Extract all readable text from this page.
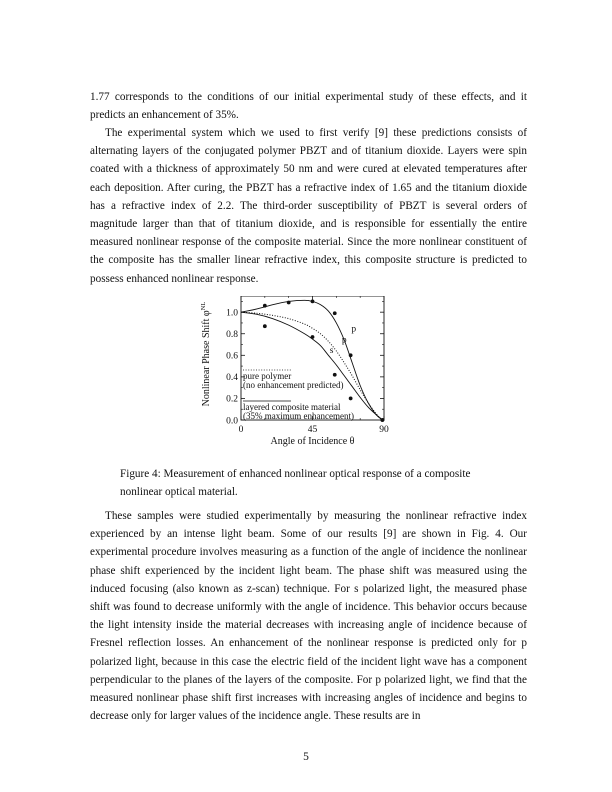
1.77 corresponds to the conditions of our initial experimental study of these effects, and it predicts an enhancement of 35%.

The experimental system which we used to first verify [9] these predictions consists of alternating layers of the conjugated polymer PBZT and of titanium dioxide. Layers were spin coated with a thickness of approximately 50 nm and were cured at elevated temperatures after each deposition. After curing, the PBZT has a refractive index of 1.65 and the titanium dioxide has a refractive index of 2.2. The third-order susceptibility of PBZT is several orders of magnitude larger than that of titanium dioxide, and is responsible for essentially the entire measured nonlinear response of the composite material. Since the more nonlinear constituent of the composite has the smaller linear refractive index, this composite structure is predicted to possess enhanced nonlinear response.

0.0
0.2
0.4
0.6
0.8
1.0
0	45	90
Angle of Incidence θ
Nonlinear Phase Shift $\varphi^{NL}$
p
p
s
pure polymer
(no enhancement predicted)
layered composite material
(35% maximum enhancement)

Figure 4: Measurement of enhanced nonlinear optical response of a composite nonlinear optical material.

These samples were studied experimentally by measuring the nonlinear refractive index experienced by an intense light beam. Some of our results [9] are shown in Fig. 4. Our experimental procedure involves measuring as a function of the angle of incidence the nonlinear phase shift experienced by the incident light beam. The phase shift was measured using the induced focusing (also known as z-scan) technique. For s polarized light, the measured phase shift was found to decrease uniformly with the angle of incidence. This behavior occurs because the light intensity inside the material decreases with increasing angle of incidence because of Fresnel reflection losses. An enhancement of the nonlinear response is predicted only for p polarized light, because in this case the electric field of the incident light wave has a component perpendicular to the planes of the layers of the composite. For p polarized light, we find that the measured nonlinear phase shift first increases with increasing angles of incidence and begins to decrease only for larger values of the incidence angle. These results are in

5
